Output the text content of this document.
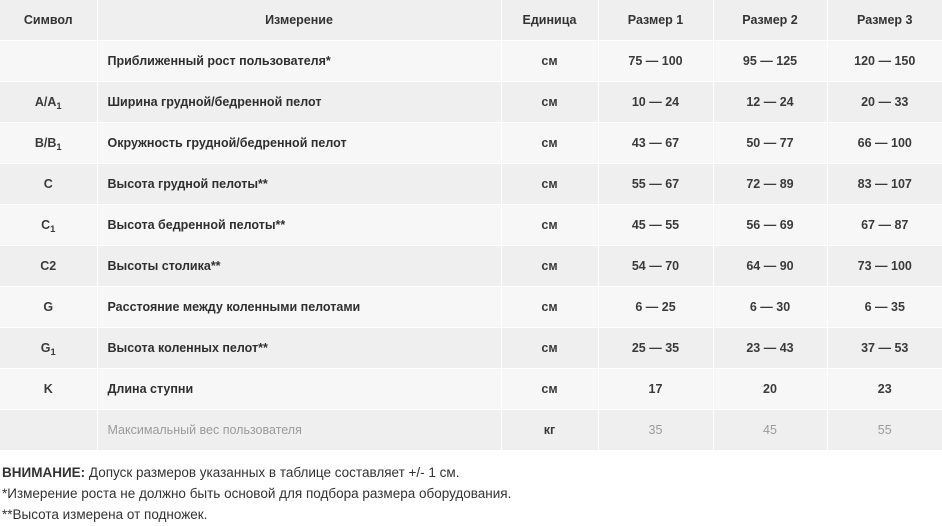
Символ	Измерение	Единица	Размер 1	Размер 2	Размер 3
	Приближенный рост пользователя*	см	75 — 100	95 — 125	120 — 150
$A/A_1$	Ширина грудной/бедренной пелот	см	10 — 24	12 — 24	20 — 33
$B/B_1$	Окружность грудной/бедренной пелот	см	43 — 67	50 — 77	66 — 100
C	Высота грудной пелоты**	см	55 — 67	72 — 89	83 — 107
$C_1$	Высота бедренной пелоты**	см	45 — 55	56 — 69	67 — 87
C2	Высоты столика**	см	54 — 70	64 — 90	73 — 100
G	Расстояние между коленными пелотами	см	6 — 25	6 — 30	6 — 35
$G_1$	Высота коленных пелот**	см	25 — 35	23 — 43	37 — 53
K	Длина ступни	см	17	20	23
	Максимальный вес пользователя	кг	35	45	55
ВНИМАНИЕ: Допуск размеров указанных в таблице составляет +/- 1 см.
*Измерение роста не должно быть основой для подбора размера оборудования.
**Высота измерена от подножек.
